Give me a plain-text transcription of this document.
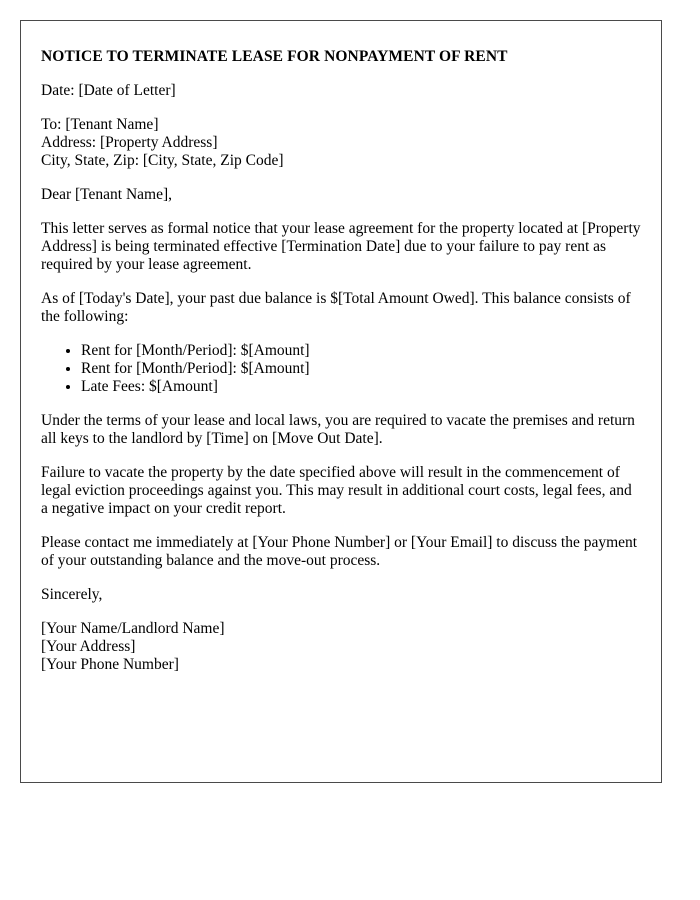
NOTICE TO TERMINATE LEASE FOR NONPAYMENT OF RENT

Date: [Date of Letter]

To: [Tenant Name]
Address: [Property Address]
City, State, Zip: [City, State, Zip Code]

Dear [Tenant Name],

This letter serves as formal notice that your lease agreement for the property located at [Property Address] is being terminated effective [Termination Date] due to your failure to pay rent as required by your lease agreement.

As of [Today's Date], your past due balance is $[Total Amount Owed]. This balance consists of the following:

• Rent for [Month/Period]: $[Amount]
• Rent for [Month/Period]: $[Amount]
• Late Fees: $[Amount]

Under the terms of your lease and local laws, you are required to vacate the premises and return all keys to the landlord by [Time] on [Move Out Date].

Failure to vacate the property by the date specified above will result in the commencement of legal eviction proceedings against you. This may result in additional court costs, legal fees, and a negative impact on your credit report.

Please contact me immediately at [Your Phone Number] or [Your Email] to discuss the payment of your outstanding balance and the move-out process.

Sincerely,

[Your Name/Landlord Name]
[Your Address]
[Your Phone Number]
